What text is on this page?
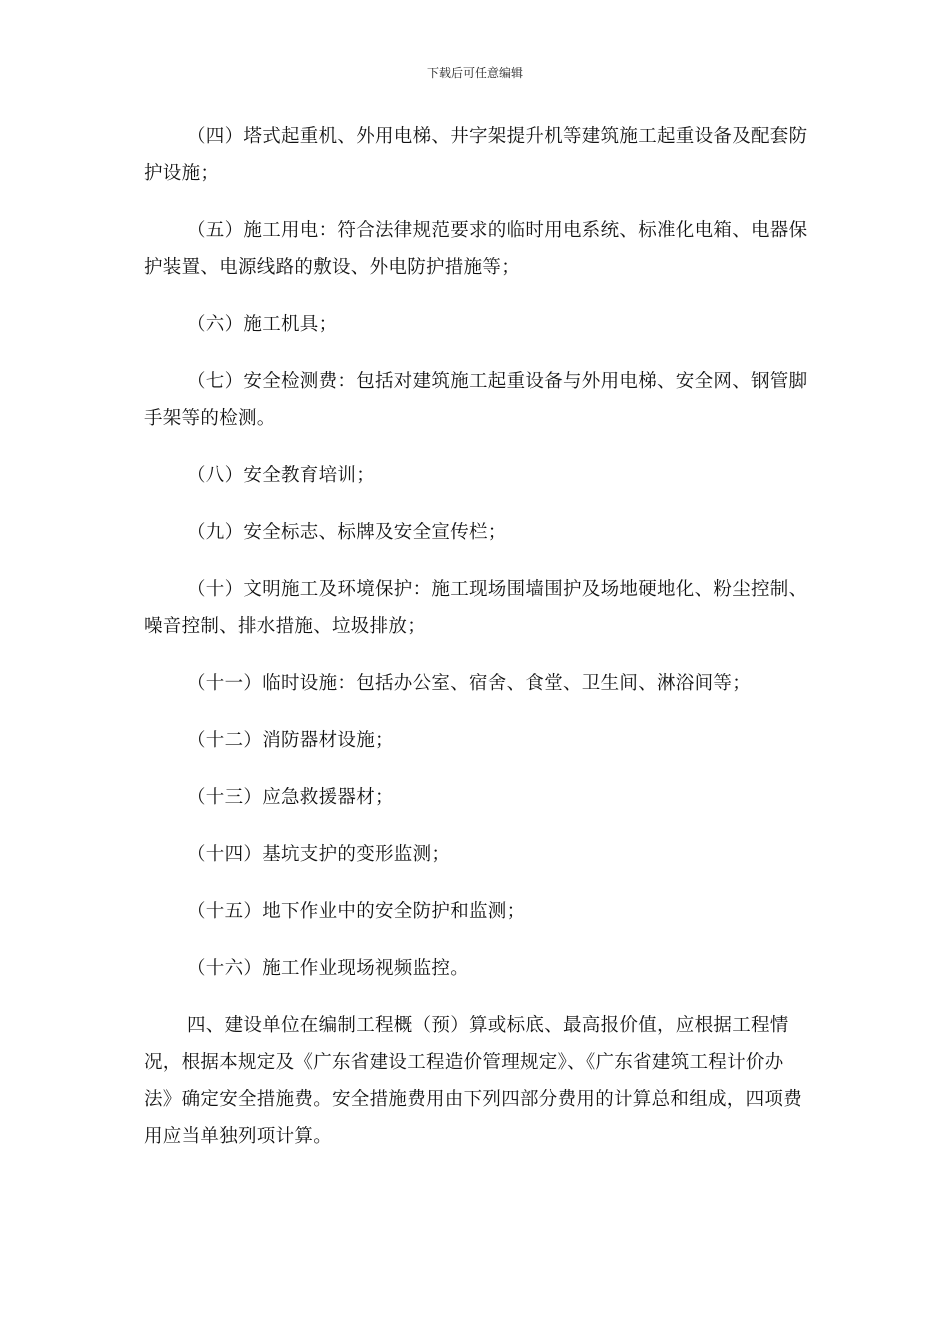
下载后可任意编辑

（四）塔式起重机、外用电梯、井字架提升机等建筑施工起重设备及配套防护设施；

（五）施工用电：符合法律规范要求的临时用电系统、标准化电箱、电器保护装置、电源线路的敷设、外电防护措施等；

（六）施工机具；

（七）安全检测费：包括对建筑施工起重设备与外用电梯、安全网、钢管脚手架等的检测。

（八）安全教育培训；

（九）安全标志、标牌及安全宣传栏；

（十）文明施工及环境保护：施工现场围墙围护及场地硬地化、粉尘控制、噪音控制、排水措施、垃圾排放；

（十一）临时设施：包括办公室、宿舍、食堂、卫生间、淋浴间等；

（十二）消防器材设施；

（十三）应急救援器材；

（十四）基坑支护的变形监测；

（十五）地下作业中的安全防护和监测；

（十六）施工作业现场视频监控。

四、建设单位在编制工程概（预）算或标底、最高报价值，应根据工程情况，根据本规定及《广东省建设工程造价管理规定》、《广东省建筑工程计价办法》确定安全措施费。安全措施费用由下列四部分费用的计算总和组成，四项费用应当单独列项计算。
